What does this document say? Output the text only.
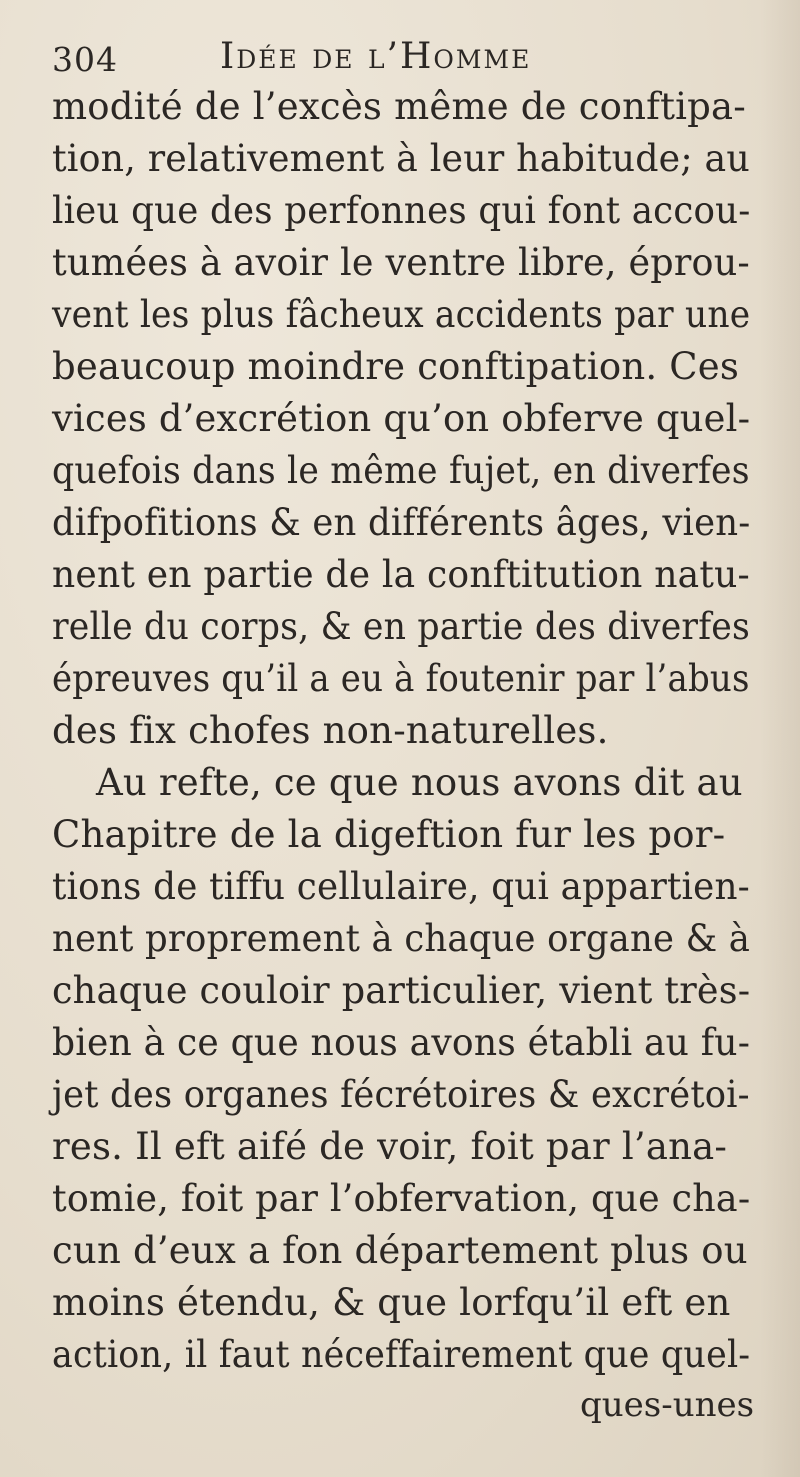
304	Idée de l’Homme
modité de l’excès même de conftipa-
tion, relativement à leur habitude; au
lieu que des perfonnes qui font accou-
tumées à avoir le ventre libre, éprou-
vent les plus fâcheux accidents par une
beaucoup moindre conftipation. Ces
vices d’excrétion qu’on obferve quel-
quefois dans le même fujet, en diverfes
difpofitions & en différents âges, vien-
nent en partie de la conftitution natu-
relle du corps, & en partie des diverfes
épreuves qu’il a eu à foutenir par l’abus
des fix chofes non-naturelles.
Au refte, ce que nous avons dit au
Chapitre de la digeftion fur les por-
tions de tiffu cellulaire, qui appartien-
nent proprement à chaque organe & à
chaque couloir particulier, vient très-
bien à ce que nous avons établi au fu-
jet des organes fécrétoires & excrétoi-
res. Il eft aifé de voir, foit par l’ana-
tomie, foit par l’obfervation, que cha-
cun d’eux a fon département plus ou
moins étendu, & que lorfqu’il eft en
action, il faut néceffairement que quel-
ques-unes
